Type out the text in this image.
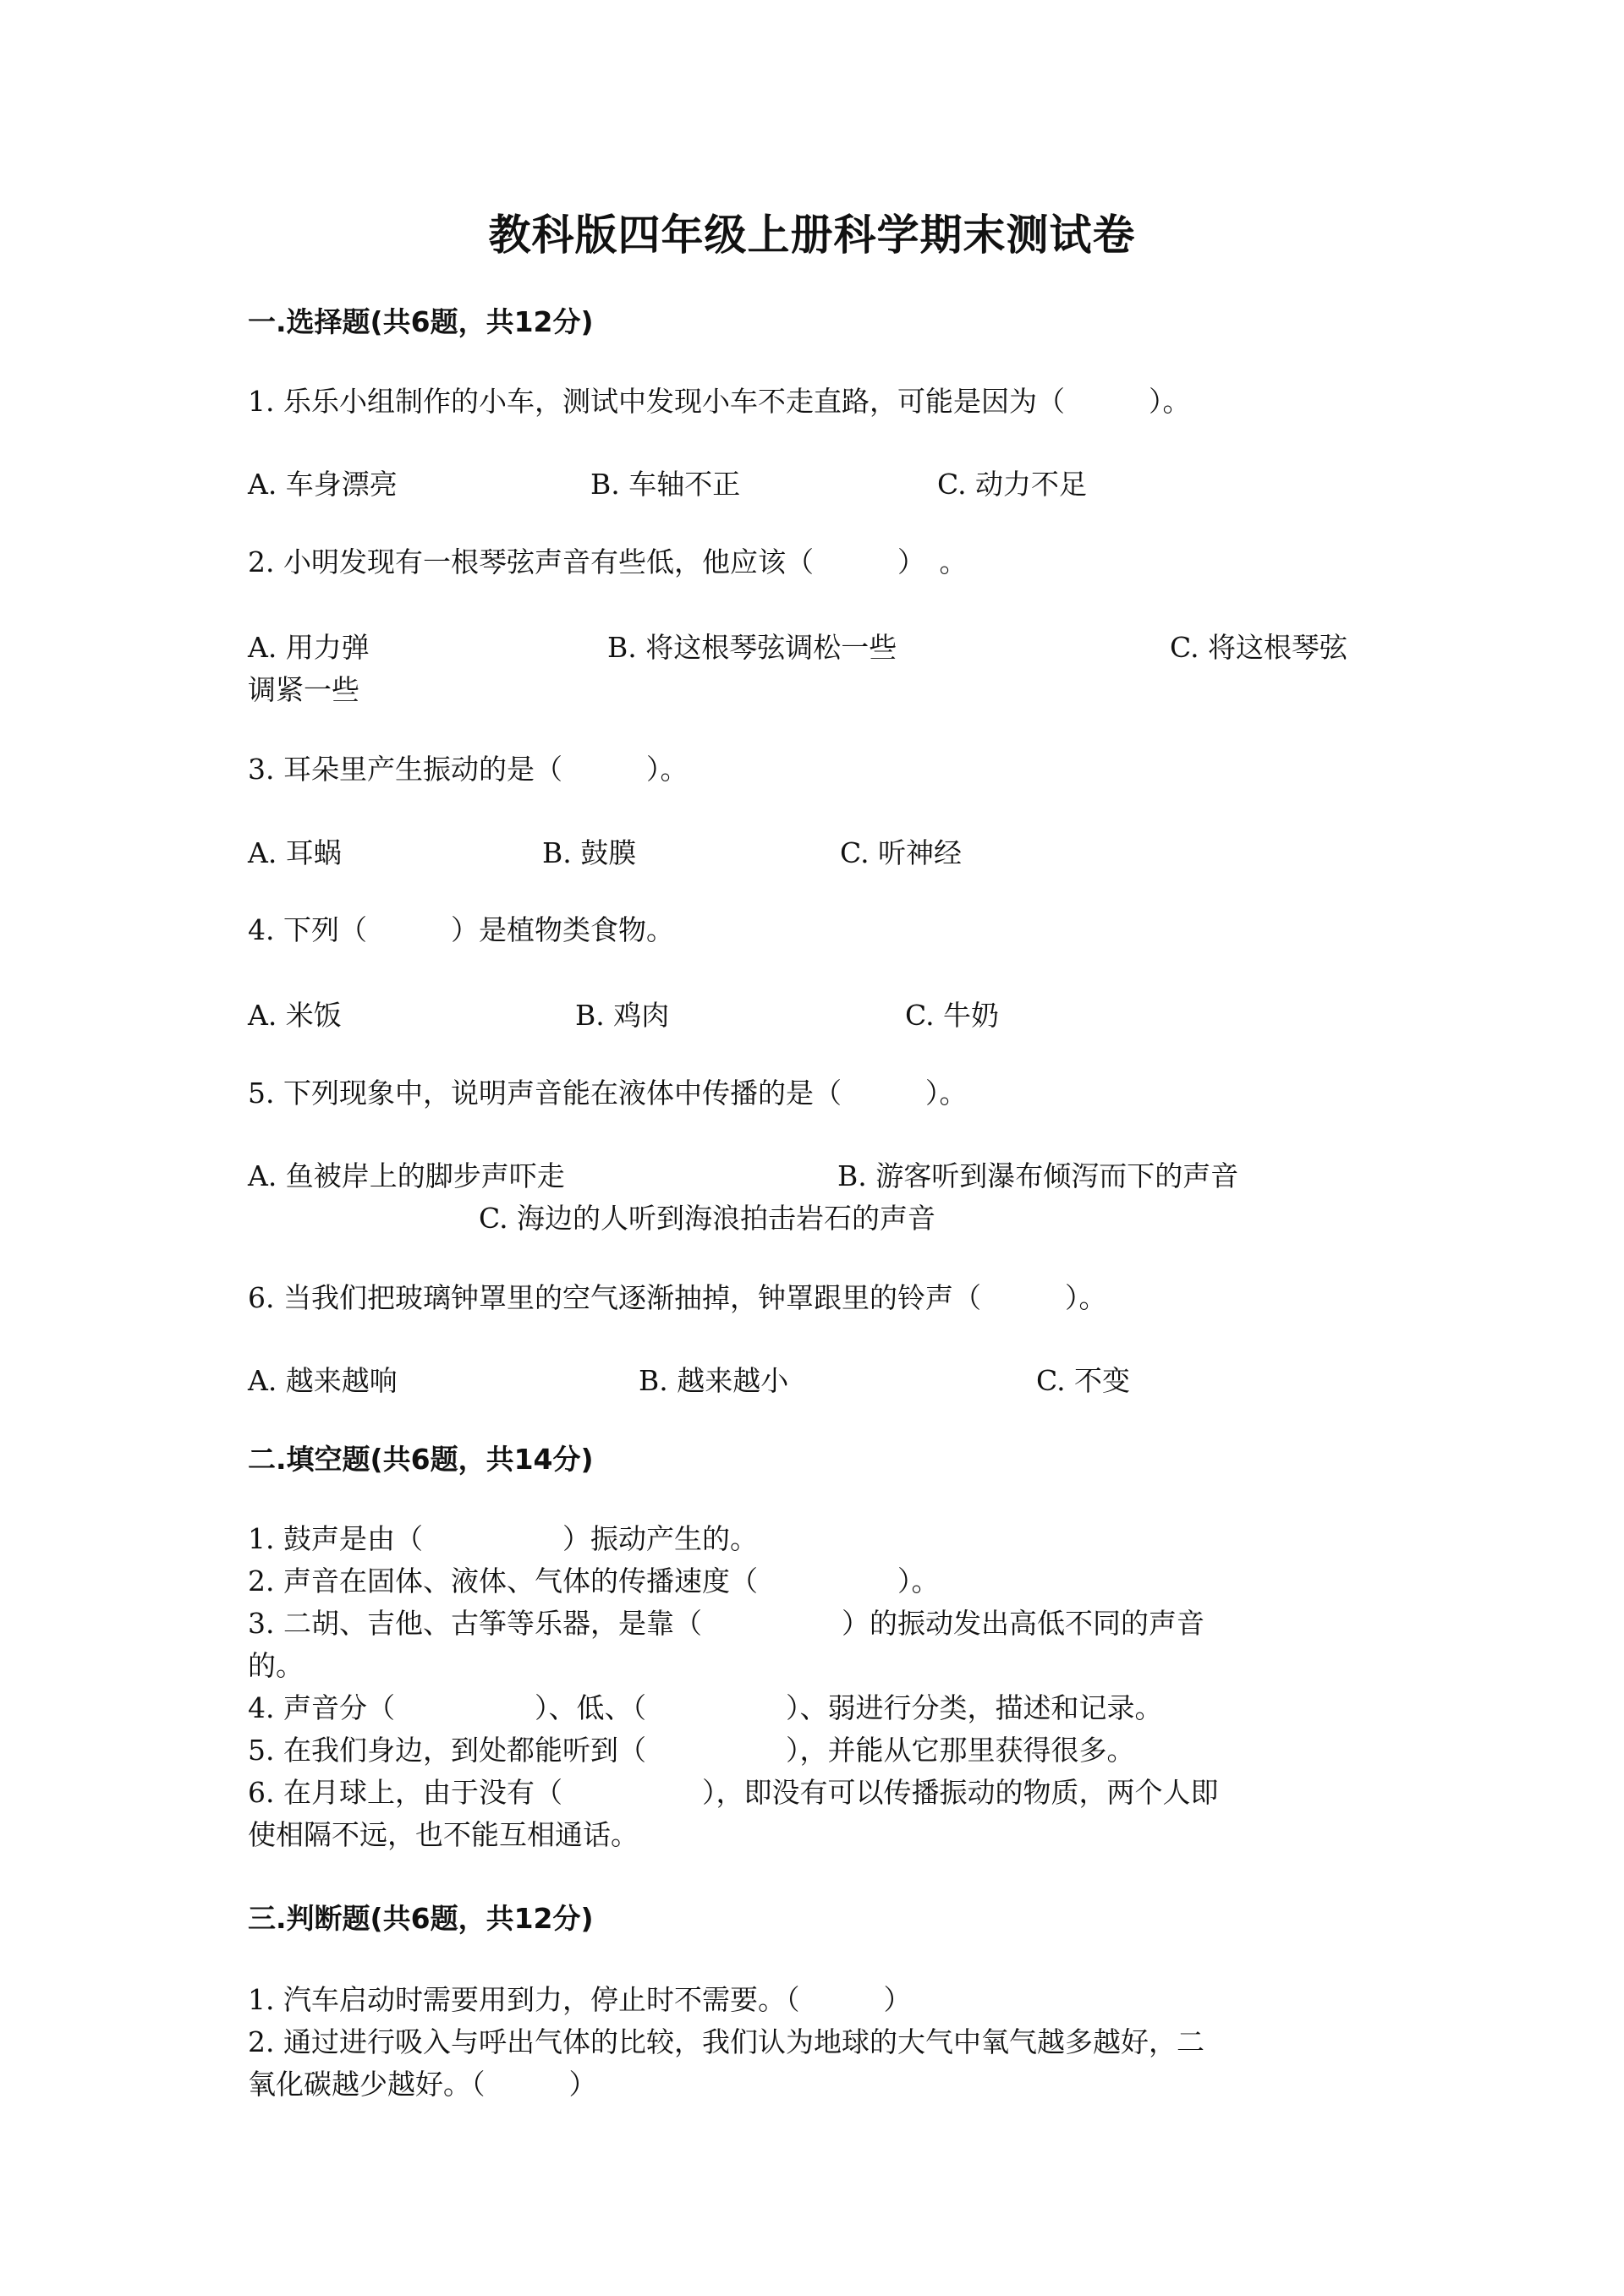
教科版四年级上册科学期末测试卷
一.选择题(共6题，共12分)
1. 乐乐小组制作的小车，测试中发现小车不走直路，可能是因为（　　　）。
A. 车身漂亮	B. 车轴不正	C. 动力不足
2. 小明发现有一根琴弦声音有些低，他应该（　　　）　。
A. 用力弹	B. 将这根琴弦调松一些	C. 将这根琴弦
调紧一些
3. 耳朵里产生振动的是（　　　）。
A. 耳蜗	B. 鼓膜	C. 听神经
4. 下列（　　　）是植物类食物。
A. 米饭	B. 鸡肉	C. 牛奶
5. 下列现象中，说明声音能在液体中传播的是（　　　）。
A. 鱼被岸上的脚步声吓走	B. 游客听到瀑布倾泻而下的声音
C. 海边的人听到海浪拍击岩石的声音
6. 当我们把玻璃钟罩里的空气逐渐抽掉，钟罩跟里的铃声（　　　）。
A. 越来越响	B. 越来越小	C. 不变
二.填空题(共6题，共14分)
1. 鼓声是由（　　　　　）振动产生的。
2. 声音在固体、液体、气体的传播速度（　　　　　）。
3. 二胡、吉他、古筝等乐器，是靠（　　　　　）的振动发出高低不同的声音
的。
4. 声音分（　　　　　）、低、（　　　　　）、弱进行分类，描述和记录。
5. 在我们身边，到处都能听到（　　　　　），并能从它那里获得很多。
6. 在月球上，由于没有（　　　　　），即没有可以传播振动的物质，两个人即
使相隔不远，也不能互相通话。
三.判断题(共6题，共12分)
1. 汽车启动时需要用到力，停止时不需要。（　　　）
2. 通过进行吸入与呼出气体的比较，我们认为地球的大气中氧气越多越好，二
氧化碳越少越好。（　　　）
